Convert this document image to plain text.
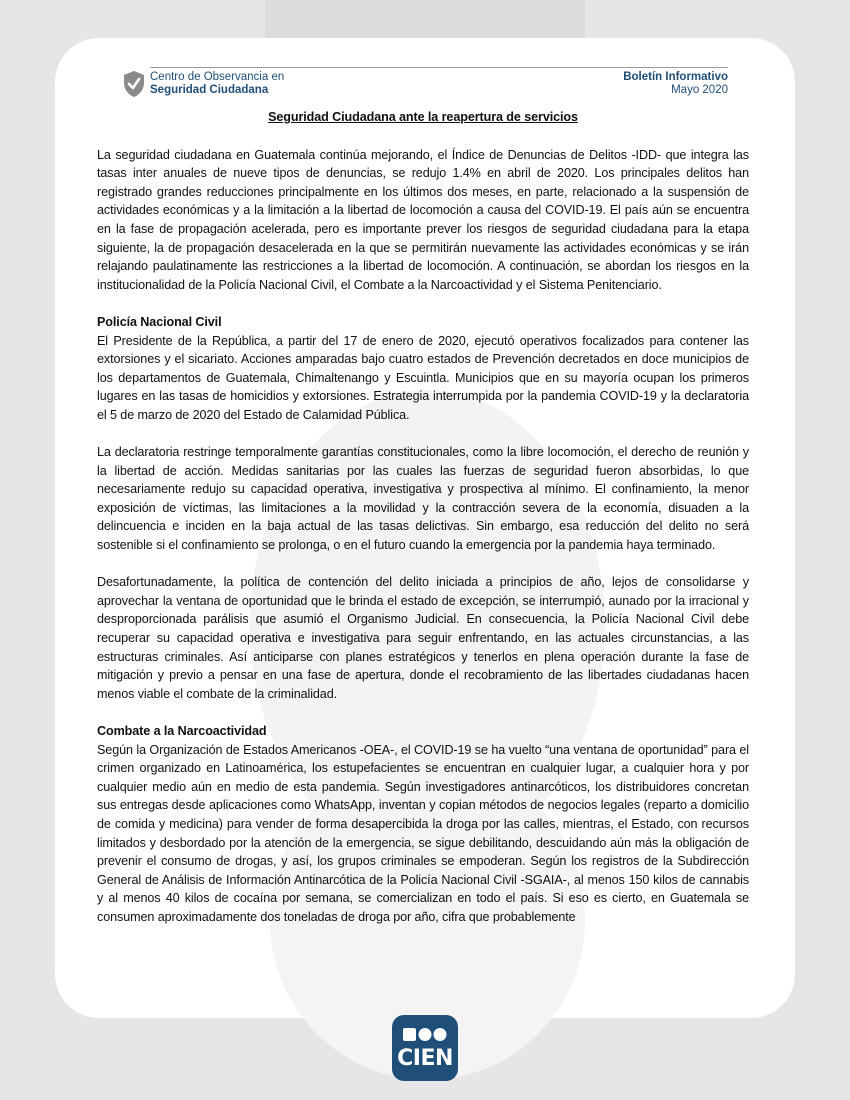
Centro de Observancia en
Seguridad Ciudadana
Boletín Informativo
Mayo 2020
Seguridad Ciudadana ante la reapertura de servicios

La seguridad ciudadana en Guatemala continúa mejorando, el Índice de Denuncias de Delitos -IDD- que integra las tasas inter anuales de nueve tipos de denuncias, se redujo 1.4% en abril de 2020. Los principales delitos han registrado grandes reducciones principalmente en los últimos dos meses, en parte, relacionado a la suspensión de actividades económicas y a la limitación a la libertad de locomoción a causa del COVID-19. El país aún se encuentra en la fase de propagación acelerada, pero es importante prever los riesgos de seguridad ciudadana para la etapa siguiente, la de propagación desacelerada en la que se permitirán nuevamente las actividades económicas y se irán relajando paulatinamente las restricciones a la libertad de locomoción. A continuación, se abordan los riesgos en la institucionalidad de la Policía Nacional Civil, el Combate a la Narcoactividad y el Sistema Penitenciario.

Policía Nacional Civil

El Presidente de la República, a partir del 17 de enero de 2020, ejecutó operativos focalizados para contener las extorsiones y el sicariato. Acciones amparadas bajo cuatro estados de Prevención decretados en doce municipios de los departamentos de Guatemala, Chimaltenango y Escuintla. Municipios que en su mayoría ocupan los primeros lugares en las tasas de homicidios y extorsiones. Estrategia interrumpida por la pandemia COVID-19 y la declaratoria el 5 de marzo de 2020 del Estado de Calamidad Pública.

La declaratoria restringe temporalmente garantías constitucionales, como la libre locomoción, el derecho de reunión y la libertad de acción. Medidas sanitarias por las cuales las fuerzas de seguridad fueron absorbidas, lo que necesariamente redujo su capacidad operativa, investigativa y prospectiva al mínimo. El confinamiento, la menor exposición de víctimas, las limitaciones a la movilidad y la contracción severa de la economía, disuaden a la delincuencia e inciden en la baja actual de las tasas delictivas. Sin embargo, esa reducción del delito no será sostenible si el confinamiento se prolonga, o en el futuro cuando la emergencia por la pandemia haya terminado.

Desafortunadamente, la política de contención del delito iniciada a principios de año, lejos de consolidarse y aprovechar la ventana de oportunidad que le brinda el estado de excepción, se interrumpió, aunado por la irracional y desproporcionada parálisis que asumió el Organismo Judicial. En consecuencia, la Policía Nacional Civil debe recuperar su capacidad operativa e investigativa para seguir enfrentando, en las actuales circunstancias, a las estructuras criminales. Así anticiparse con planes estratégicos y tenerlos en plena operación durante la fase de mitigación y previo a pensar en una fase de apertura, donde el recobramiento de las libertades ciudadanas hacen menos viable el combate de la criminalidad.

Combate a la Narcoactividad

Según la Organización de Estados Americanos -OEA-, el COVID-19 se ha vuelto “una ventana de oportunidad” para el crimen organizado en Latinoamérica, los estupefacientes se encuentran en cualquier lugar, a cualquier hora y por cualquier medio aún en medio de esta pandemia. Según investigadores antinarcóticos, los distribuidores concretan sus entregas desde aplicaciones como WhatsApp, inventan y copian métodos de negocios legales (reparto a domicilio de comida y medicina) para vender de forma desapercibida la droga por las calles, mientras, el Estado, con recursos limitados y desbordado por la atención de la emergencia, se sigue debilitando, descuidando aún más la obligación de prevenir el consumo de drogas, y así, los grupos criminales se empoderan. Según los registros de la Subdirección General de Análisis de Información Antinarcótica de la Policía Nacional Civil -SGAIA-, al menos 150 kilos de cannabis y al menos 40 kilos de cocaína por semana, se comercializan en todo el país. Si eso es cierto, en Guatemala se consumen aproximadamente dos toneladas de droga por año, cifra que probablemente

CIEN
